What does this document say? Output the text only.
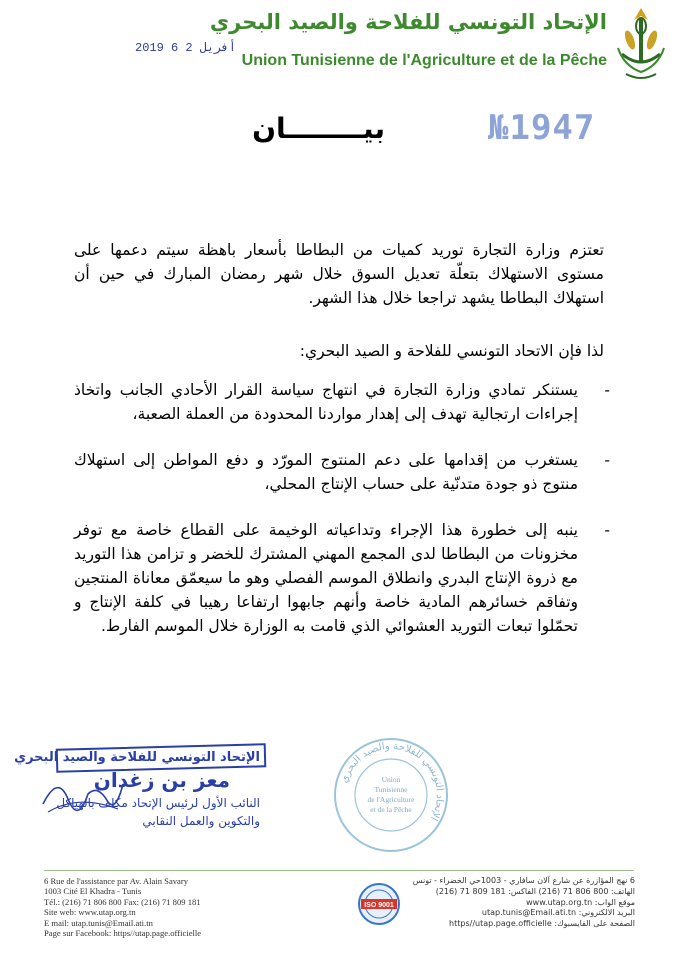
الإتحاد التونسي للفلاحة والصيد البحري
Union Tunisienne de l'Agriculture et de la Pêche
2019 أفريل 2 6
بيــــــــان	№1947
تعتزم وزارة التجارة توريد كميات من البطاطا بأسعار باهظة سيتم دعمها على مستوى الاستهلاك بتعلّة تعديل السوق خلال شهر رمضان المبارك في حين أن استهلاك البطاطا يشهد تراجعا خلال هذا الشهر.
لذا فإن الاتحاد التونسي للفلاحة و الصيد البحري:
- يستنكر تمادي وزارة التجارة في انتهاج سياسة القرار الأحادي الجانب واتخاذ إجراءات ارتجالية تهدف إلى إهدار مواردنا المحدودة من العملة الصعبة،
- يستغرب من إقدامها على دعم المنتوج المورّد و دفع المواطن إلى استهلاك منتوج ذو جودة متدنّية على حساب الإنتاج المحلي،
- ينبه إلى خطورة هذا الإجراء وتداعياته الوخيمة على القطاع خاصة مع توفر مخزونات من البطاطا لدى المجمع المهني المشترك للخضر و تزامن هذا التوريد مع ذروة الإنتاج البدري وانطلاق الموسم الفصلي وهو ما سيعمّق معاناة المنتجين وتفاقم خسائرهم المادية خاصة وأنهم جابهوا ارتفاعا رهيبا في كلفة الإنتاج و تحمّلوا تبعات التوريد العشوائي الذي قامت به الوزارة خلال الموسم الفارط.
الإتحاد التونسي للفلاحة والصيد البحري
معز بن زغدان
النائب الأول لرئيس الإتحاد مكلف بالهياكل
والتكوين والعمل النقابي
الإتحاد التونسي للفلاحة والصيد البحري
Union
Tunisienne
de l'Agriculture
et de la Pêche
6 Rue de l'assistance par Av. Alain Savary
1003 Cité El Khadra - Tunis
Tél.: (216) 71 806 800 Fax: (216) 71 809 181
Site web: www.utap.org.tn
E mail: utap.tunis@Email.ati.tn
Page sur Facebook: https//utap.page.officielle
ISO 9001
6 نهج المؤازرة عن شارع آلان سافاري - 1003حي الخضراء - تونس
الهاتف: 800 806 71 (216) الفاكس: 181 809 71 (216)
موقع الواب: www.utap.org.tn
البريد الالكتروني: utap.tunis@Email.ati.tn
الصفحة على الفايسبوك: https//utap.page.officielle
